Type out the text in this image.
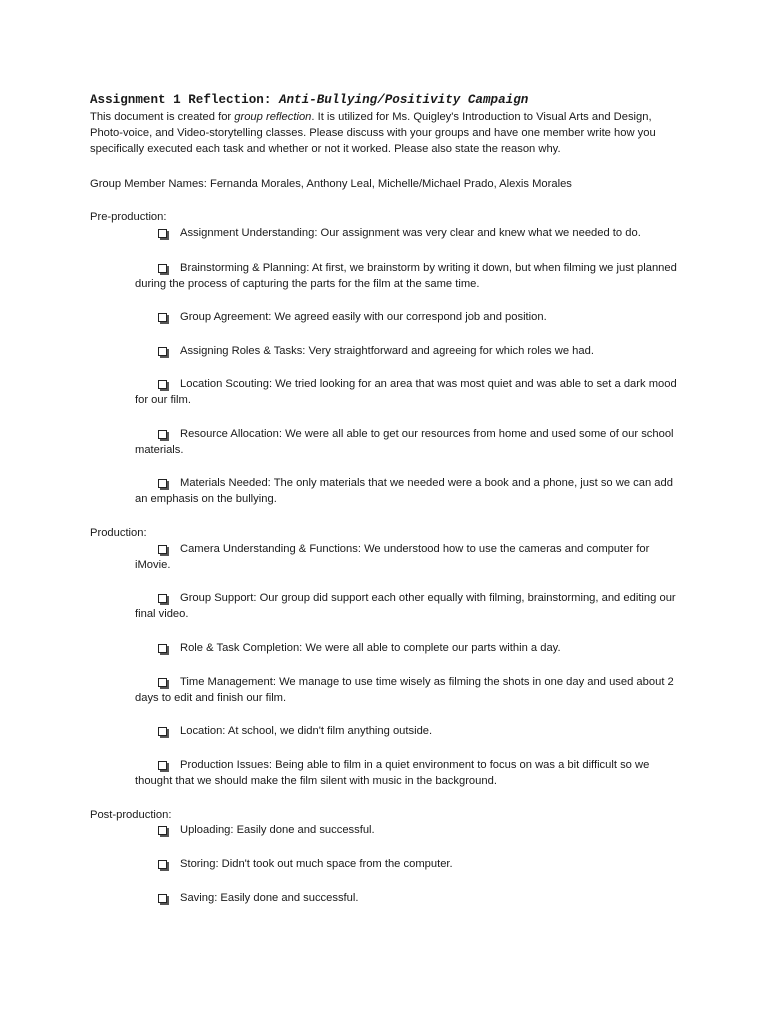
Assignment 1 Reflection: Anti-Bullying/Positivity Campaign
This document is created for group reflection. It is utilized for Ms. Quigley's Introduction to Visual Arts and Design, Photo-voice, and Video-storytelling classes. Please discuss with your groups and have one member write how you specifically executed each task and whether or not it worked. Please also state the reason why.
Group Member Names: Fernanda Morales, Anthony Leal, Michelle/Michael Prado, Alexis Morales
Pre-production:
Assignment Understanding: Our assignment was very clear and knew what we needed to do.
Brainstorming & Planning: At first, we brainstorm by writing it down, but when filming we just planned during the process of capturing the parts for the film at the same time.
Group Agreement: We agreed easily with our correspond job and position.
Assigning Roles & Tasks: Very straightforward and agreeing for which roles we had.
Location Scouting: We tried looking for an area that was most quiet and was able to set a dark mood for our film.
Resource Allocation: We were all able to get our resources from home and used some of our school materials.
Materials Needed: The only materials that we needed were a book and a phone, just so we can add an emphasis on the bullying.
Production:
Camera Understanding & Functions: We understood how to use the cameras and computer for iMovie.
Group Support: Our group did support each other equally with filming, brainstorming, and editing our final video.
Role & Task Completion: We were all able to complete our parts within a day.
Time Management: We manage to use time wisely as filming the shots in one day and used about 2 days to edit and finish our film.
Location: At school, we didn't film anything outside.
Production Issues: Being able to film in a quiet environment to focus on was a bit difficult so we thought that we should make the film silent with music in the background.
Post-production:
Uploading: Easily done and successful.
Storing: Didn't took out much space from the computer.
Saving: Easily done and successful.
